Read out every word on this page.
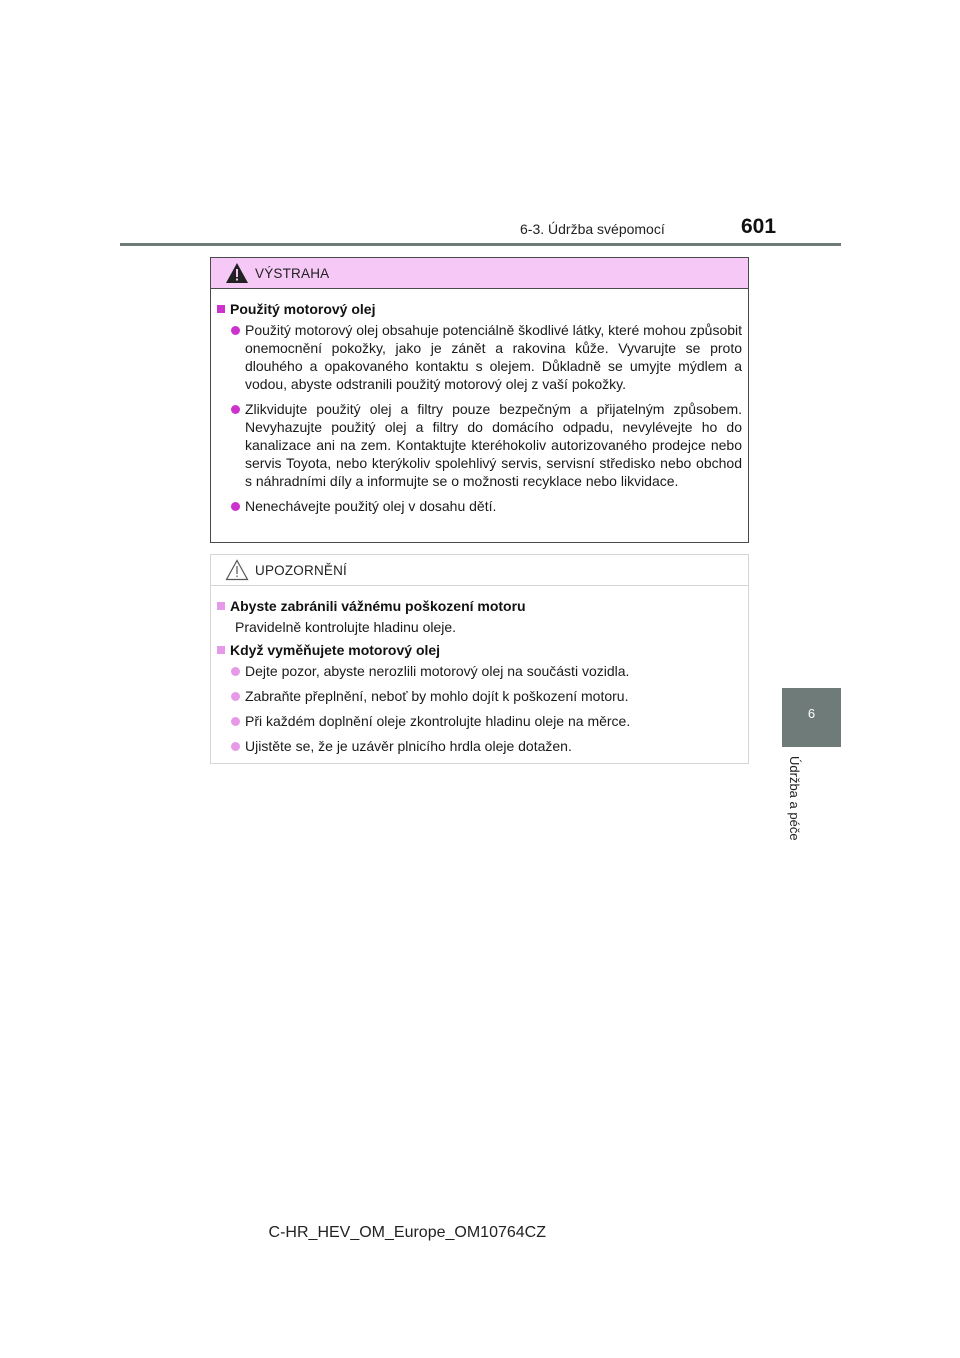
6-3. Údržba svépomocí	601
6
Údržba a péče
VÝSTRAHA
Použitý motorový olej
Použitý motorový olej obsahuje potenciálně škodlivé látky, které mohou způsobit onemocnění pokožky, jako je zánět a rakovina kůže. Vyvarujte se proto dlouhého a opakovaného kontaktu s olejem. Důkladně se umyjte mýdlem a vodou, abyste odstranili použitý motorový olej z vaší pokožky.
Zlikvidujte použitý olej a filtry pouze bezpečným a přijatelným způsobem. Nevyhazujte použitý olej a filtry do domácího odpadu, nevylévejte ho do kanalizace ani na zem. Kontaktujte kteréhokoliv autorizovaného prodejce nebo servis Toyota, nebo kterýkoliv spolehlivý servis, servisní středisko nebo obchod s náhradními díly a informujte se o možnosti recyklace nebo likvidace.
Nenechávejte použitý olej v dosahu dětí.
UPOZORNĚNÍ
Abyste zabránili vážnému poškození motoru
Pravidelně kontrolujte hladinu oleje.
Když vyměňujete motorový olej
Dejte pozor, abyste nerozlili motorový olej na součásti vozidla.
Zabraňte přeplnění, neboť by mohlo dojít k poškození motoru.
Při každém doplnění oleje zkontrolujte hladinu oleje na měrce.
Ujistěte se, že je uzávěr plnicího hrdla oleje dotažen.
C-HR_HEV_OM_Europe_OM10764CZ
